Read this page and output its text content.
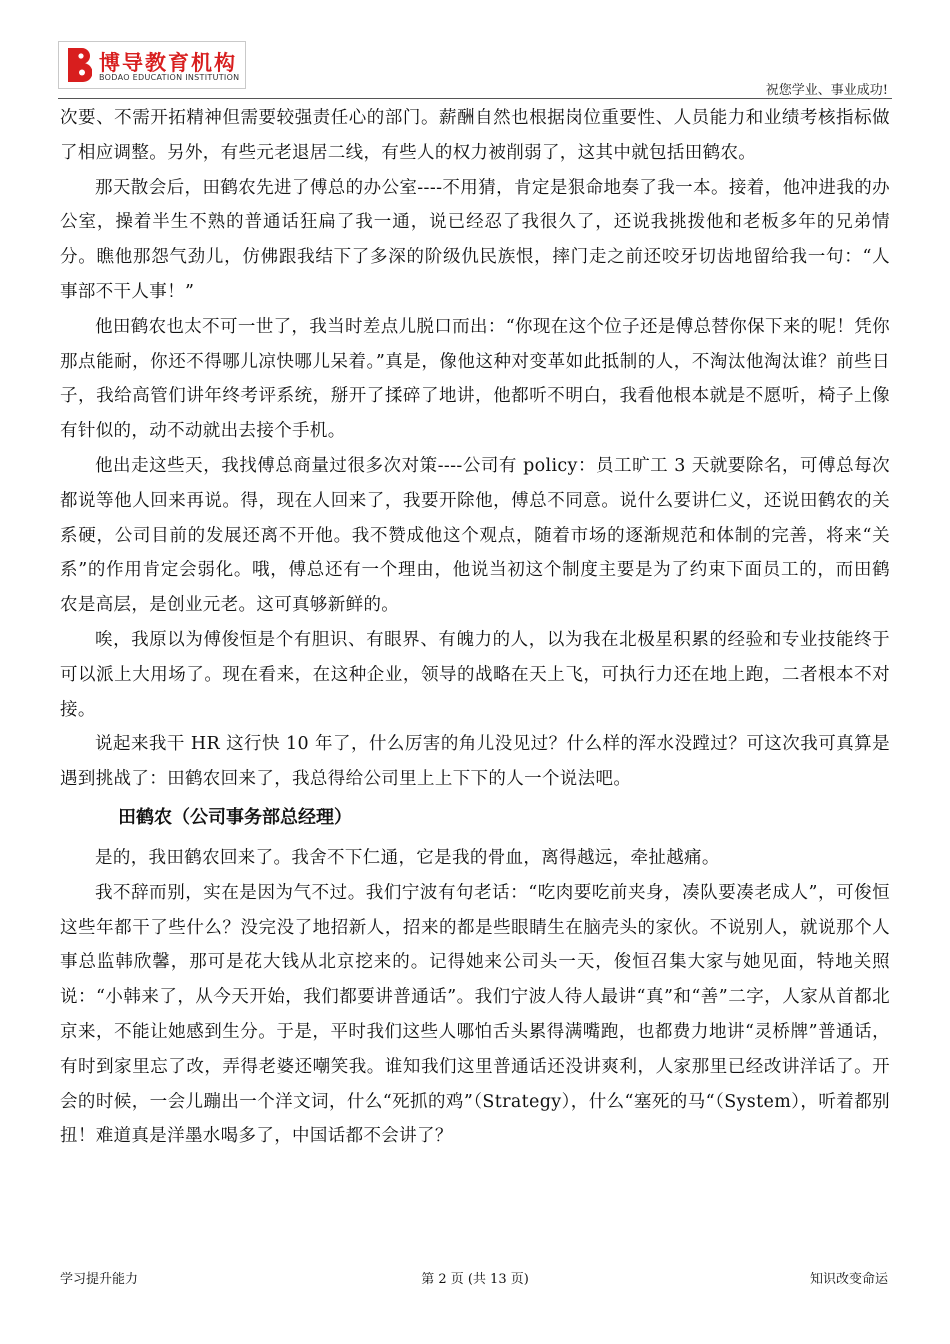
博导教育机构
BODAO EDUCATION INSTITUTION
祝您学业、事业成功!

次要、不需开拓精神但需要较强责任心的部门。薪酬自然也根据岗位重要性、人员能力和业绩考核指标做了相应调整。另外，有些元老退居二线，有些人的权力被削弱了，这其中就包括田鹤农。

那天散会后，田鹤农先进了傅总的办公室----不用猜，肯定是狠命地奏了我一本。接着，他冲进我的办公室，操着半生不熟的普通话狂扁了我一通，说已经忍了我很久了，还说我挑拨他和老板多年的兄弟情分。瞧他那怨气劲儿，仿佛跟我结下了多深的阶级仇民族恨，摔门走之前还咬牙切齿地留给我一句：“人事部不干人事！”

他田鹤农也太不可一世了，我当时差点儿脱口而出：“你现在这个位子还是傅总替你保下来的呢！凭你那点能耐，你还不得哪儿凉快哪儿呆着。”真是，像他这种对变革如此抵制的人，不淘汰他淘汰谁？前些日子，我给高管们讲年终考评系统，掰开了揉碎了地讲，他都听不明白，我看他根本就是不愿听，椅子上像有针似的，动不动就出去接个手机。

他出走这些天，我找傅总商量过很多次对策----公司有 policy：员工旷工 3 天就要除名，可傅总每次都说等他人回来再说。得，现在人回来了，我要开除他，傅总不同意。说什么要讲仁义，还说田鹤农的关系硬，公司目前的发展还离不开他。我不赞成他这个观点，随着市场的逐渐规范和体制的完善，将来“关系”的作用肯定会弱化。哦，傅总还有一个理由，他说当初这个制度主要是为了约束下面员工的，而田鹤农是高层，是创业元老。这可真够新鲜的。

唉，我原以为傅俊恒是个有胆识、有眼界、有魄力的人，以为我在北极星积累的经验和专业技能终于可以派上大用场了。现在看来，在这种企业，领导的战略在天上飞，可执行力还在地上跑，二者根本不对接。

说起来我干 HR 这行快 10 年了，什么厉害的角儿没见过？什么样的浑水没蹚过？可这次我可真算是遇到挑战了：田鹤农回来了，我总得给公司里上上下下的人一个说法吧。

田鹤农（公司事务部总经理）

是的，我田鹤农回来了。我舍不下仁通，它是我的骨血，离得越远，牵扯越痛。

我不辞而别，实在是因为气不过。我们宁波有句老话：“吃肉要吃前夹身，凑队要凑老成人”，可俊恒这些年都干了些什么？没完没了地招新人，招来的都是些眼睛生在脑壳头的家伙。不说别人，就说那个人事总监韩欣馨，那可是花大钱从北京挖来的。记得她来公司头一天，俊恒召集大家与她见面，特地关照说：“小韩来了，从今天开始，我们都要讲普通话”。我们宁波人待人最讲“真”和“善”二字，人家从首都北京来，不能让她感到生分。于是，平时我们这些人哪怕舌头累得满嘴跑，也都费力地讲“灵桥牌”普通话，有时到家里忘了改，弄得老婆还嘲笑我。谁知我们这里普通话还没讲爽利，人家那里已经改讲洋话了。开会的时候，一会儿蹦出一个洋文词，什么“死抓的鸡”（Strategy），什么“塞死的马“（System），听着都别扭！难道真是洋墨水喝多了，中国话都不会讲了？

学习提升能力	第 2 页 (共 13 页)	知识改变命运
